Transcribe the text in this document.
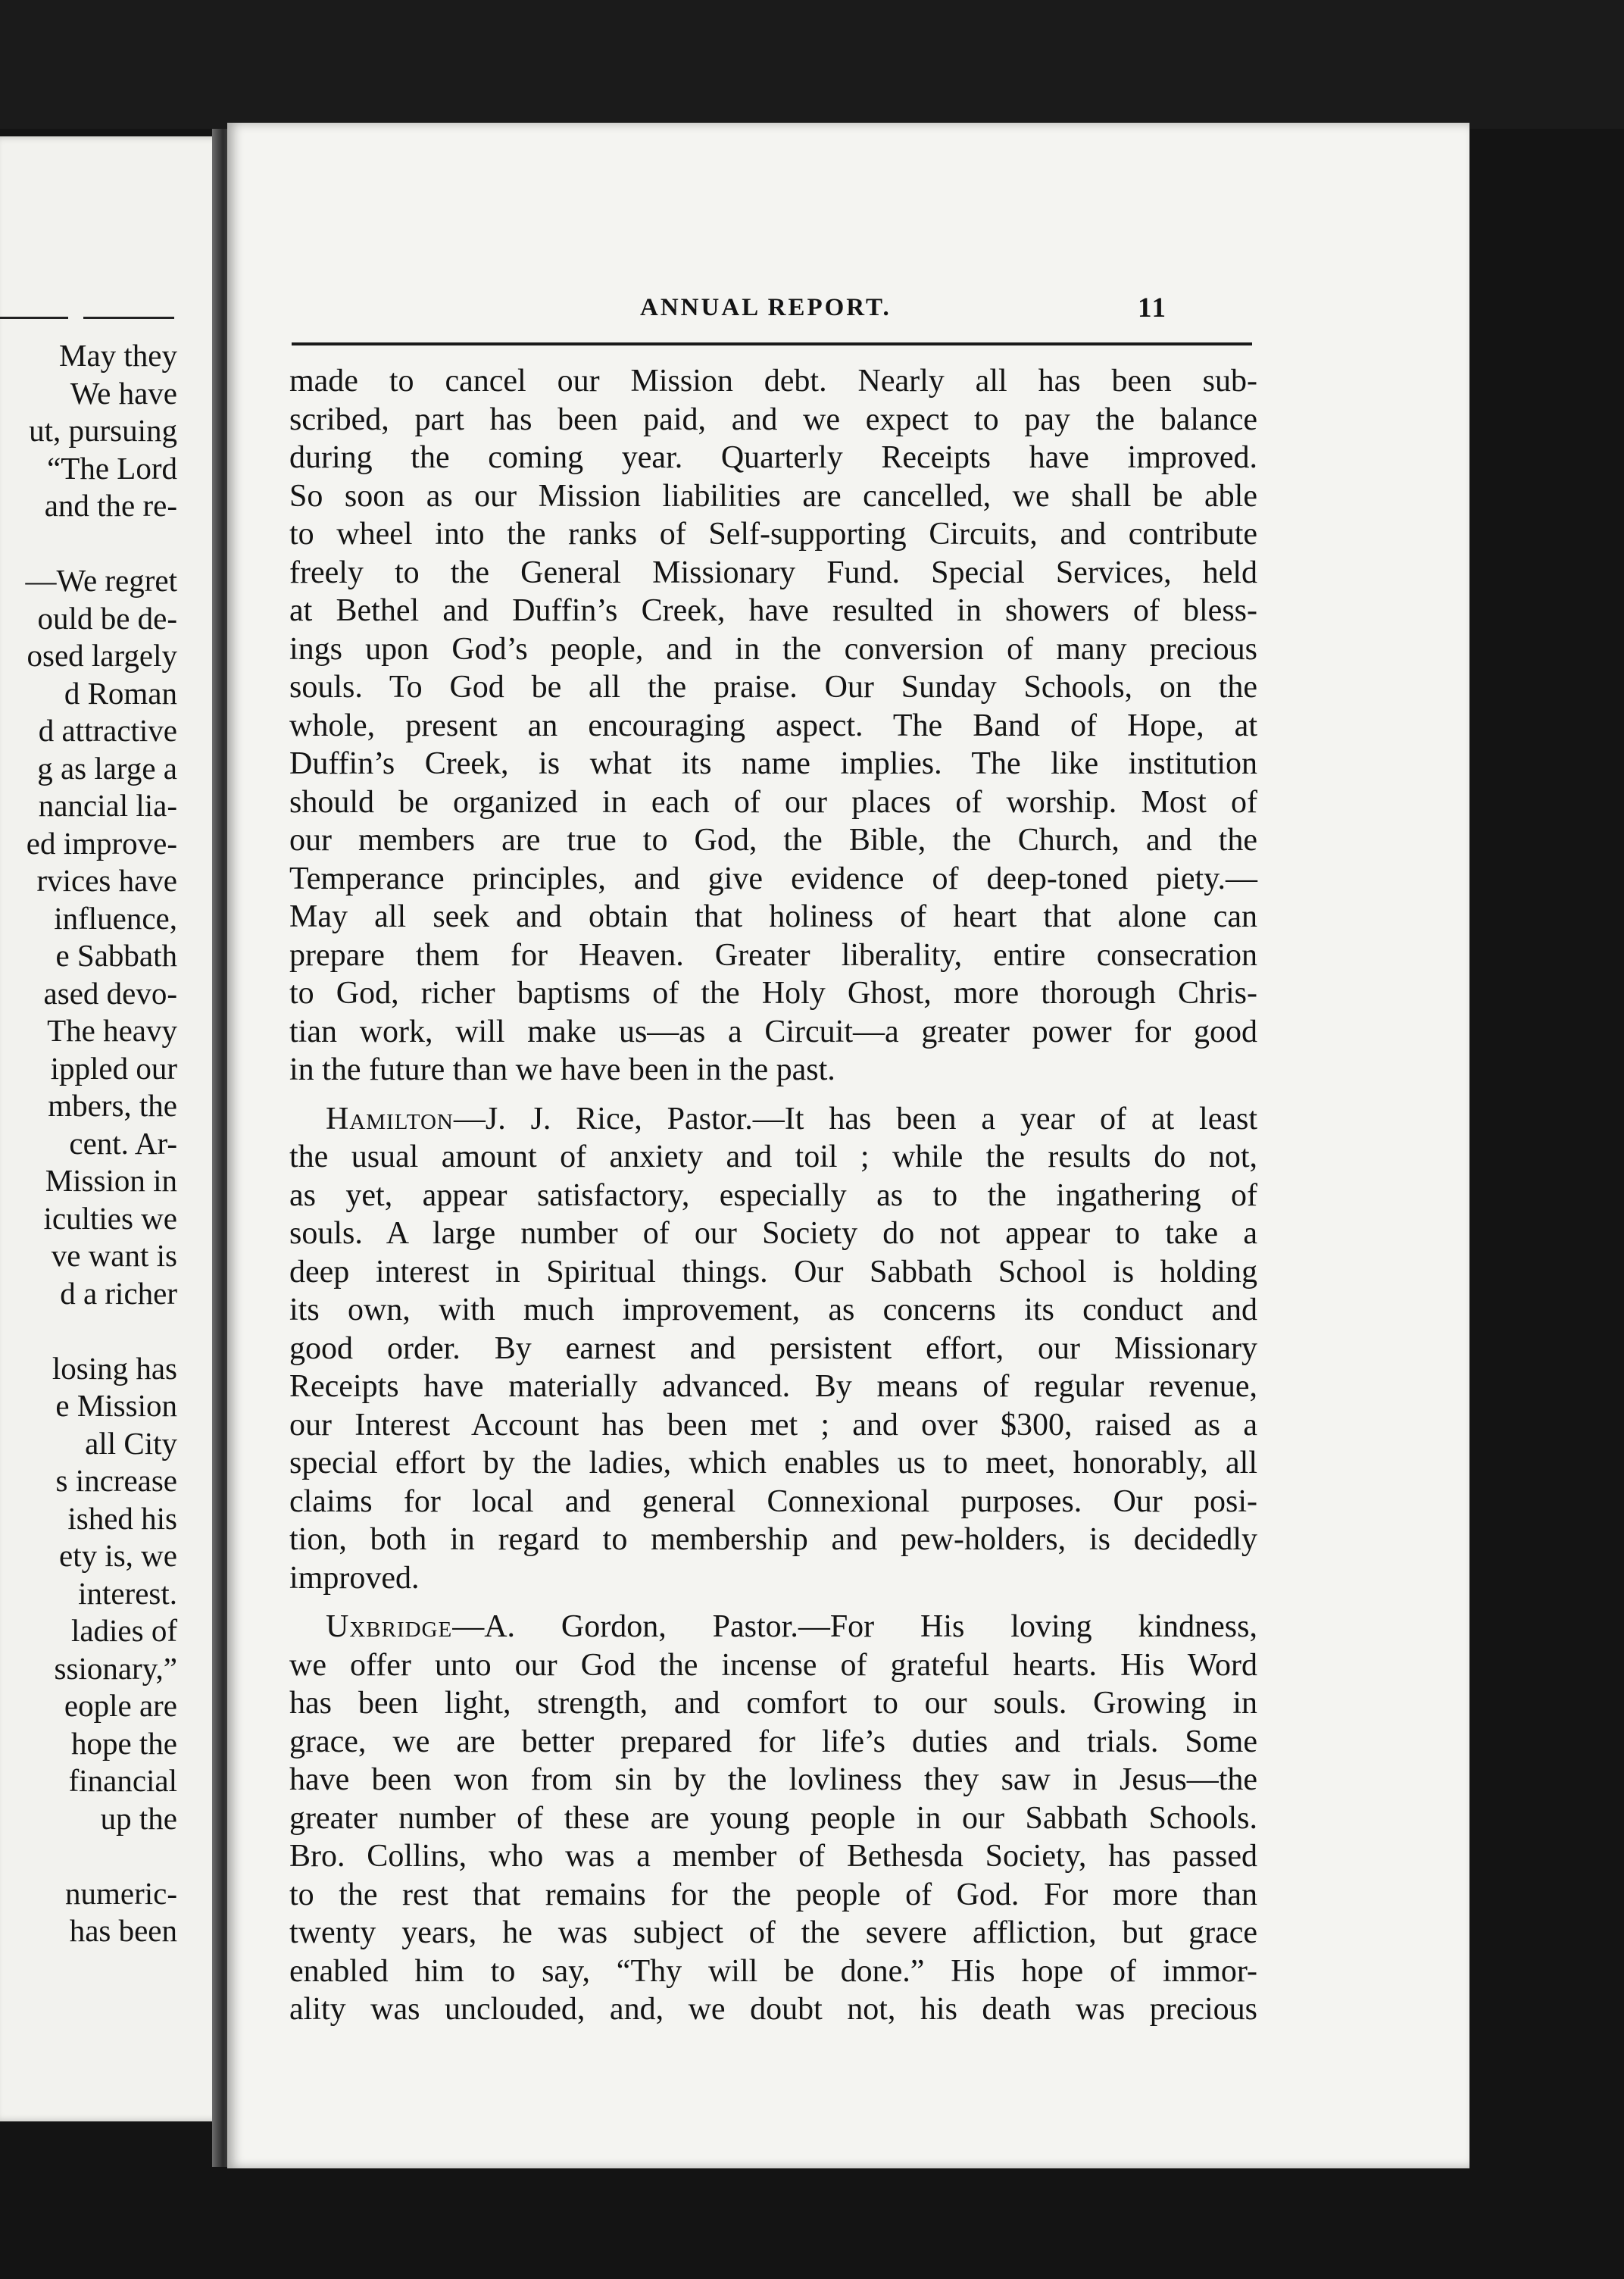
May they
We have
ut, pursuing
“The Lord
and the re-
—We regret
ould be de-
osed largely
d Roman
d attractive
g as large a
nancial lia-
ed improve-
rvices have
influence,
e Sabbath
ased devo-
The heavy
ippled our
mbers, the
cent. Ar-
Mission in
iculties we
ve want is
d a richer
losing has
e Mission
all City
s increase
ished his
ety is, we
interest.
ladies of
ssionary,”
eople are
hope the
financial
up the
numeric-
has been
ANNUAL REPORT.	11
made to cancel our Mission debt. Nearly all has been sub-
scribed, part has been paid, and we expect to pay the balance
during the coming year. Quarterly Receipts have improved.
So soon as our Mission liabilities are cancelled, we shall be able
to wheel into the ranks of Self-supporting Circuits, and contribute
freely to the General Missionary Fund. Special Services, held
at Bethel and Duffin’s Creek, have resulted in showers of bless-
ings upon God’s people, and in the conversion of many precious
souls. To God be all the praise. Our Sunday Schools, on the
whole, present an encouraging aspect. The Band of Hope, at
Duffin’s Creek, is what its name implies. The like institution
should be organized in each of our places of worship. Most of
our members are true to God, the Bible, the Church, and the
Temperance principles, and give evidence of deep-toned piety.—
May all seek and obtain that holiness of heart that alone can
prepare them for Heaven. Greater liberality, entire consecration
to God, richer baptisms of the Holy Ghost, more thorough Chris-
tian work, will make us—as a Circuit—a greater power for good
in the future than we have been in the past.
Hamilton—J. J. Rice, Pastor.—It has been a year of at least
the usual amount of anxiety and toil ; while the results do not,
as yet, appear satisfactory, especially as to the ingathering of
souls. A large number of our Society do not appear to take a
deep interest in Spiritual things. Our Sabbath School is holding
its own, with much improvement, as concerns its conduct and
good order. By earnest and persistent effort, our Missionary
Receipts have materially advanced. By means of regular revenue,
our Interest Account has been met ; and over $300, raised as a
special effort by the ladies, which enables us to meet, honorably, all
claims for local and general Connexional purposes. Our posi-
tion, both in regard to membership and pew-holders, is decidedly
improved.
Uxbridge—A. Gordon, Pastor.—For His loving kindness,
we offer unto our God the incense of grateful hearts. His Word
has been light, strength, and comfort to our souls. Growing in
grace, we are better prepared for life’s duties and trials. Some
have been won from sin by the lovliness they saw in Jesus—the
greater number of these are young people in our Sabbath Schools.
Bro. Collins, who was a member of Bethesda Society, has passed
to the rest that remains for the people of God. For more than
twenty years, he was subject of the severe affliction, but grace
enabled him to say, “Thy will be done.” His hope of immor-
ality was unclouded, and, we doubt not, his death was precious
